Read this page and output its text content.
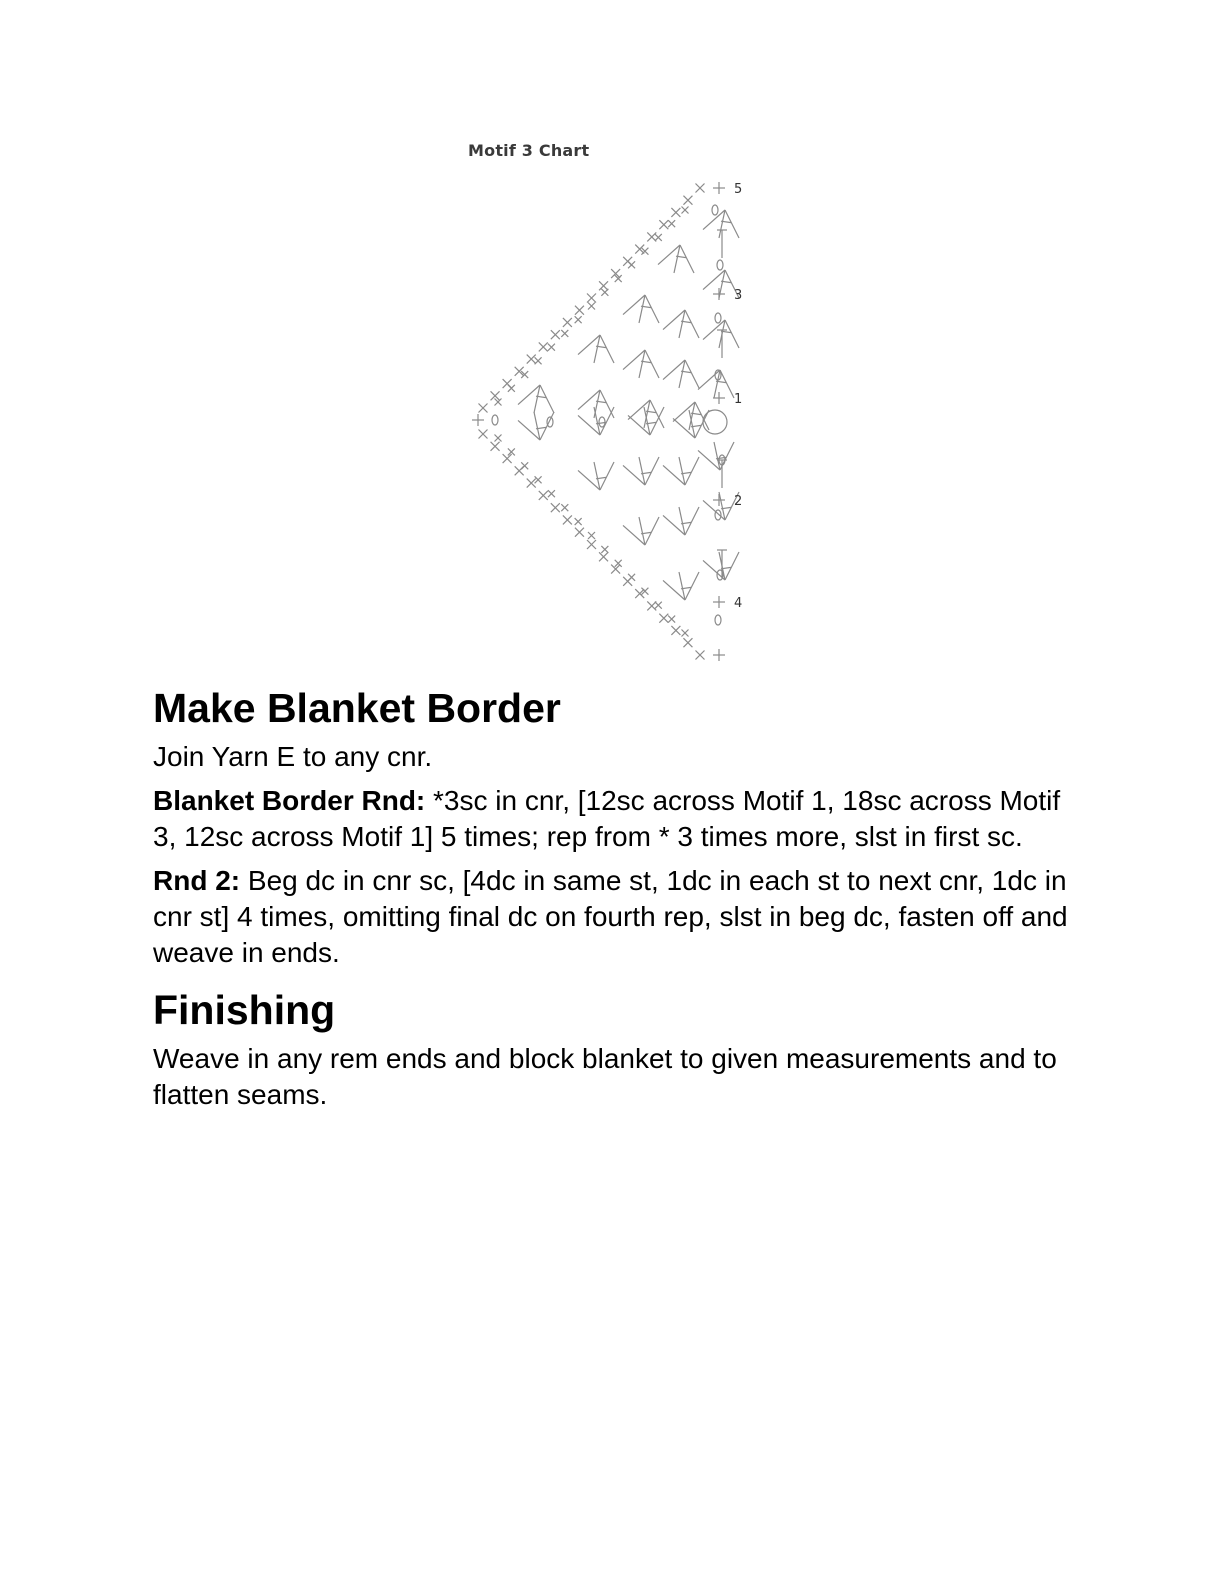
Motif 3 Chart
5
3
1
2
4
Make Blanket Border

Join Yarn E to any cnr.

Blanket Border Rnd: *3sc in cnr, [12sc across Motif 1, 18sc across Motif 3, 12sc across Motif 1] 5 times; rep from * 3 times more, slst in first sc.

Rnd 2: Beg dc in cnr sc, [4dc in same st, 1dc in each st to next cnr, 1dc in cnr st] 4 times, omitting final dc on fourth rep, slst in beg dc, fasten off and weave in ends.

Finishing

Weave in any rem ends and block blanket to given measurements and to flatten seams.
